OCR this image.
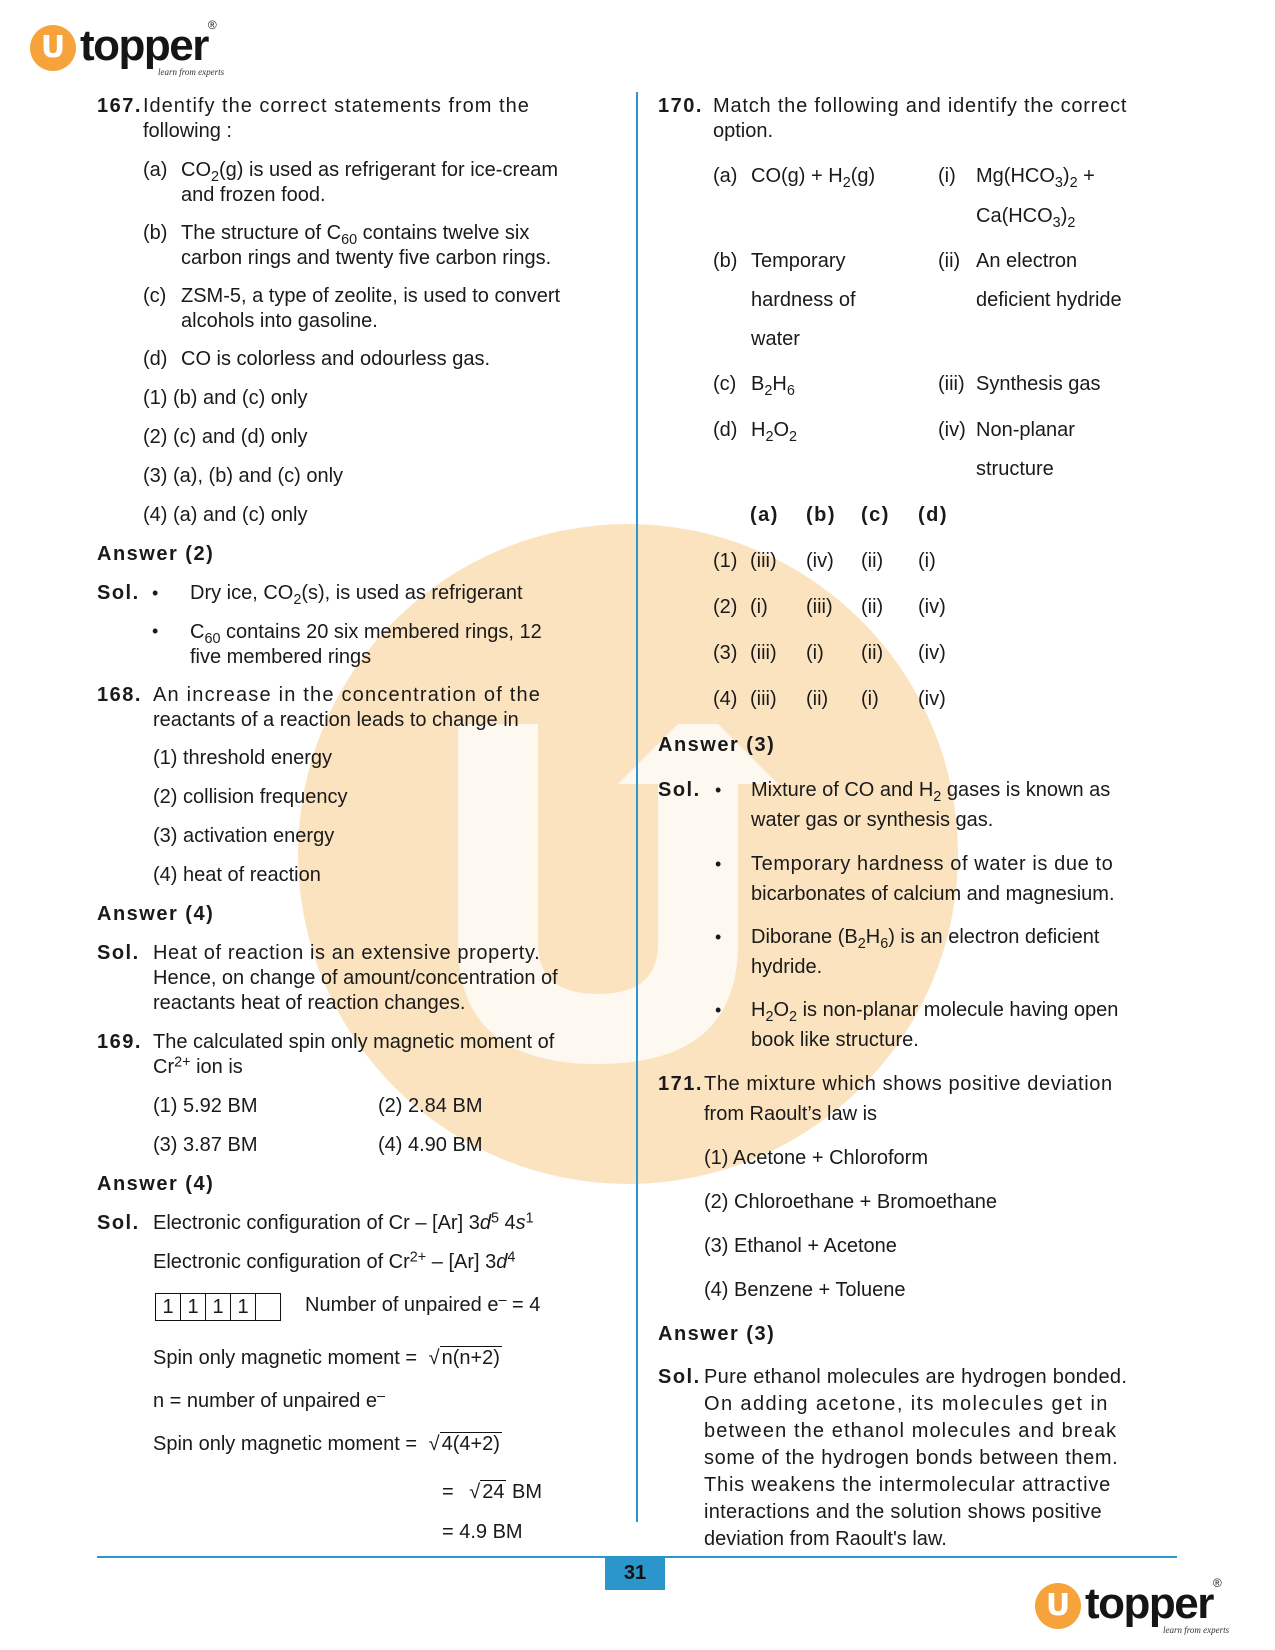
31
U topper®
learn from experts
167. Identify the correct statements from the
following :
(a) $CO_2(g)$ is used as refrigerant for ice-cream
and frozen food.
(b) The structure of $C_{60}$ contains twelve six
carbon rings and twenty five carbon rings.
(c) ZSM-5, a type of zeolite, is used to convert
alcohols into gasoline.
(d) CO is colorless and odourless gas.
(1) (b) and (c) only
(2) (c) and (d) only
(3) (a), (b) and (c) only
(4) (a) and (c) only
Answer (2)
Sol. • Dry ice, $CO_2(s)$, is used as refrigerant
• $C_{60}$ contains 20 six membered rings, 12
five membered rings
168. An increase in the concentration of the
reactants of a reaction leads to change in
(1) threshold energy
(2) collision frequency
(3) activation energy
(4) heat of reaction
Answer (4)
Sol. Heat of reaction is an extensive property.
Hence, on change of amount/concentration of
reactants heat of reaction changes.
169. The calculated spin only magnetic moment of
$Cr^{2+}$ ion is
(1) 5.92 BM	(2) 2.84 BM
(3) 3.87 BM	(4) 4.90 BM
Answer (4)
Sol. Electronic configuration of Cr – [Ar] $3d^5$ $4s^1$
Electronic configuration of $Cr^{2+} - [Ar]$ $3d^4$
1 1 1 1	Number of unpaired e– = 4
Spin only magnetic moment = √ n(n+2)
n = number of unpaired e–
Spin only magnetic moment = √ 4(4+2)
= √ 24 BM
= 4.9 BM
170. Match the following and identify the correct
option.
(a) $CO(g) + H_2(g)$	(i) $Mg(HCO_3)_2$ +
$Ca(HCO_3)_2$
(b) Temporary
hardness of
water
(ii) An electron
deficient hydride
(c) $B_2H_6$	(iii) Synthesis gas
(d) $H_2O_2$	(iv) Non-planar
structure
(a) (b) (c) (d)
(1) (iii) (iv) (ii) (i)
(2) (i) (iii) (ii) (iv)
(3) (iii) (i) (ii) (iv)
(4) (iii) (ii) (i) (iv)
Answer (3)
Sol. • Mixture of CO and $H_2$ gases is known as
water gas or synthesis gas.
• Temporary hardness of water is due to
bicarbonates of calcium and magnesium.
• Diborane $(B_2H_6)$ is an electron deficient
hydride.
• $H_2O_2$ is non-planar molecule having open
book like structure.
171. The mixture which shows positive deviation
from Raoult’s law is
(1) Acetone + Chloroform
(2) Chloroethane + Bromoethane
(3) Ethanol + Acetone
(4) Benzene + Toluene
Answer (3)
Sol. Pure ethanol molecules are hydrogen bonded.
On adding acetone, its molecules get in
between the ethanol molecules and break
some of the hydrogen bonds between them.
This weakens the intermolecular attractive
interactions and the solution shows positive
deviation from Raoult's law.
U topper®
learn from experts
